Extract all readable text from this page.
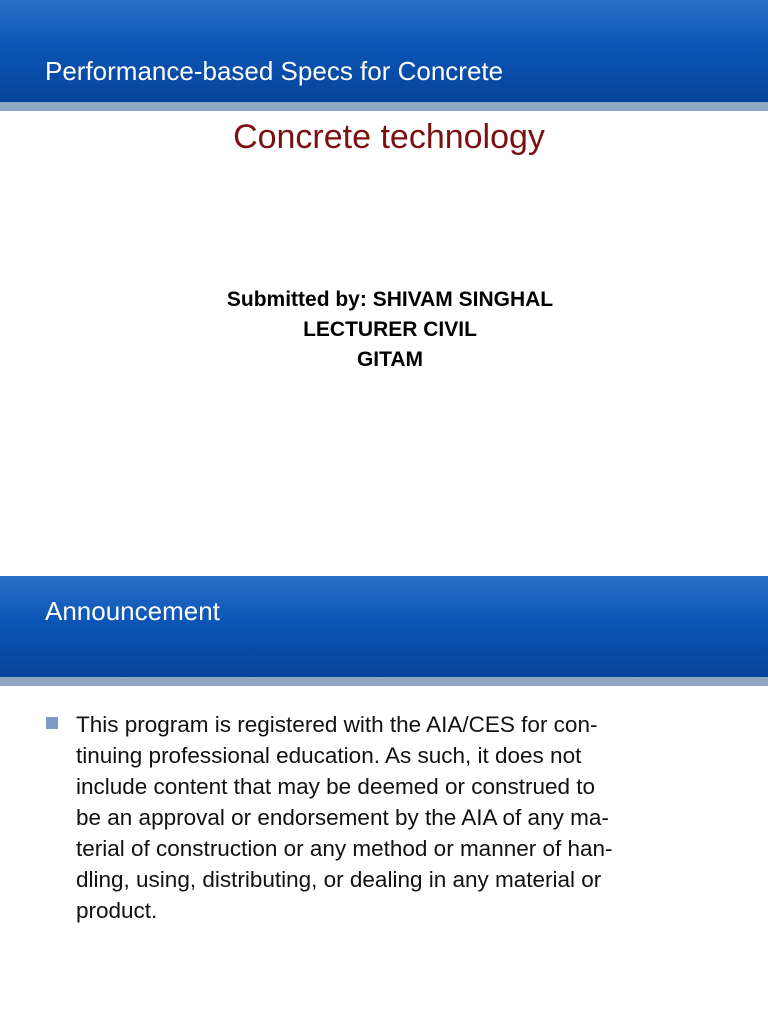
Performance-based Specs for Concrete
Concrete technology
Submitted by: SHIVAM SINGHAL
LECTURER CIVIL
GITAM
Announcement
This program is registered with the AIA/CES for con-
tinuing professional education. As such, it does not
include content that may be deemed or construed to
be an approval or endorsement by the AIA of any ma-
terial of construction or any method or manner of han-
dling, using, distributing, or dealing in any material or
product.
